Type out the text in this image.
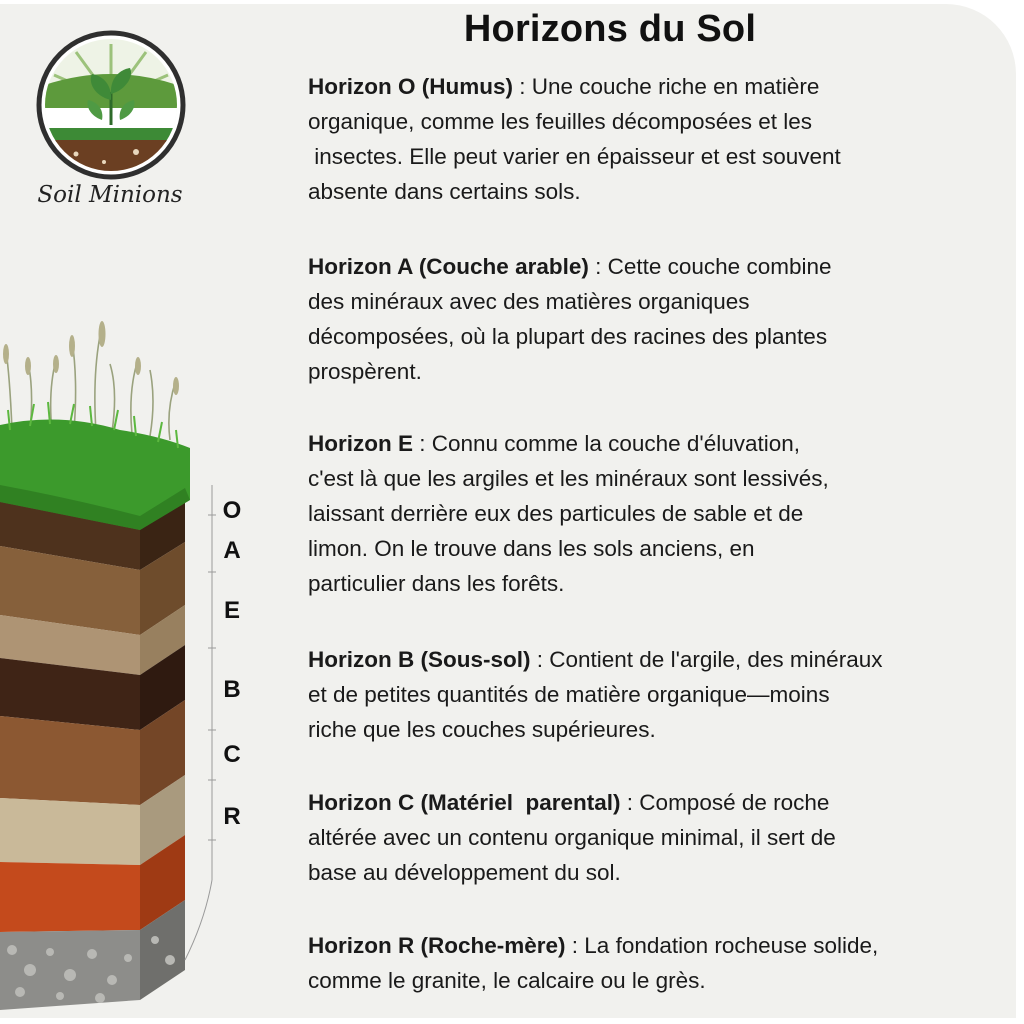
Horizons du Sol
Soil Minions
O
A
E
B
C
R
Horizon O (Humus) : Une couche riche en matière
organique, comme les feuilles décomposées et les
insectes. Elle peut varier en épaisseur et est souvent
absente dans certains sols.
Horizon A (Couche arable) : Cette couche combine
des minéraux avec des matières organiques
décomposées, où la plupart des racines des plantes
prospèrent.
Horizon E : Connu comme la couche d'éluvation,
c'est là que les argiles et les minéraux sont lessivés,
laissant derrière eux des particules de sable et de
limon. On le trouve dans les sols anciens, en
particulier dans les forêts.
Horizon B (Sous-sol) : Contient de l'argile, des minéraux
et de petites quantités de matière organique—moins
riche que les couches supérieures.
Horizon C (Matériel  parental) : Composé de roche
altérée avec un contenu organique minimal, il sert de
base au développement du sol.
Horizon R (Roche-mère) : La fondation rocheuse solide,
comme le granite, le calcaire ou le grès.
